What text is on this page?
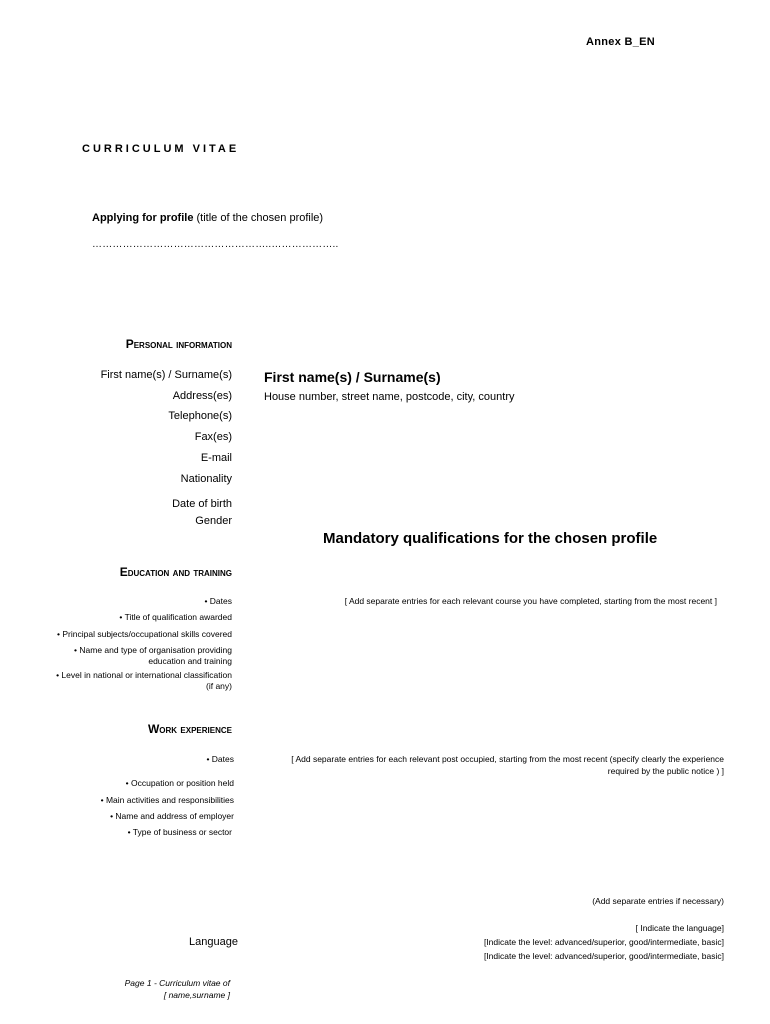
Annex B_EN
CURRICULUM VITAE
Applying for profile (title of the chosen profile)
……………………………………………..………………..
Personal information
First name(s) / Surname(s) First name(s) / Surname(s)
Address(es)	House number, street name, postcode, city, country
Telephone(s)
Fax(es)
E-mail
Nationality
Date of birth
Gender
Mandatory qualifications for the chosen profile
Education and training
• Dates	[ Add separate entries for each relevant course you have completed, starting from the most recent ]
• Title of qualification awarded
• Principal subjects/occupational skills covered
• Name and type of organisation providing
education and training
• Level in national or international classification
(if any)
Work experience
• Dates	[ Add separate entries for each relevant post occupied, starting from the most recent (specify clearly the experience
required by the public notice ) ]
• Occupation or position held
• Main activities and responsibilities
• Name and address of employer
• Type of business or sector
(Add separate entries if necessary)
[ Indicate the language]
Language	[Indicate the level: advanced/superior, good/intermediate, basic]
[Indicate the level: advanced/superior, good/intermediate, basic]
Page 1 - Curriculum vitae of
[ name,surname ]
